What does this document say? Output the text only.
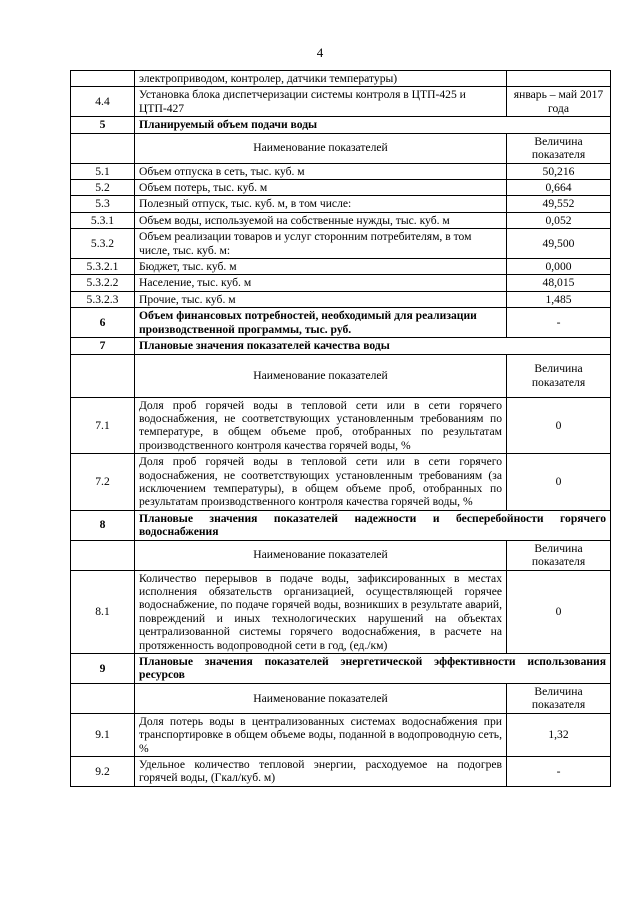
4
	электроприводом, контролер, датчики температуры)	
4.4	Установка блока диспетчеризации системы контроля в ЦТП-425 и ЦТП-427	январь – май 2017 года
5	Планируемый объем подачи воды	
	Наименование показателей	Величина показателя
5.1	Объем отпуска в сеть, тыс. куб. м	50,216
5.2	Объем потерь, тыс. куб. м	0,664
5.3	Полезный отпуск, тыс. куб. м, в том числе:	49,552
5.3.1	Объем воды, используемой на собственные нужды, тыс. куб. м	0,052
5.3.2	Объем реализации товаров и услуг сторонним потребителям, в том числе, тыс. куб. м:	49,500
5.3.2.1	Бюджет, тыс. куб. м	0,000
5.3.2.2	Население, тыс. куб. м	48,015
5.3.2.3	Прочие, тыс. куб. м	1,485
6	Объем финансовых потребностей, необходимый для реализации производственной программы, тыс. руб.	-
7	Плановые значения показателей качества воды	
	Наименование показателей	Величина показателя
7.1	Доля проб горячей воды в тепловой сети или в сети горячего водоснабжения, не соответствующих установленным требованиям по температуре, в общем объеме проб, отобранных по результатам производственного контроля качества горячей воды, %	0
7.2	Доля проб горячей воды в тепловой сети или в сети горячего водоснабжения, не соответствующих установленным требованиям (за исключением температуры), в общем объеме проб, отобранных по результатам производственного контроля качества горячей воды, %	0
8	Плановые значения показателей надежности и бесперебойности горячего водоснабжения	
	Наименование показателей	Величина показателя
8.1	Количество перерывов в подаче воды, зафиксированных в местах исполнения обязательств организацией, осуществляющей горячее водоснабжение, по подаче горячей воды, возникших в результате аварий, повреждений и иных технологических нарушений на объектах централизованной системы горячего водоснабжения, в расчете на протяженность водопроводной сети в год, (ед./км)	0
9	Плановые значения показателей энергетической эффективности использования ресурсов	
	Наименование показателей	Величина показателя
9.1	Доля потерь воды в централизованных системах водоснабжения при транспортировке в общем объеме воды, поданной в водопроводную сеть, %	1,32
9.2	Удельное количество тепловой энергии, расходуемое на подогрев горячей воды, (Гкал/куб. м)	-
